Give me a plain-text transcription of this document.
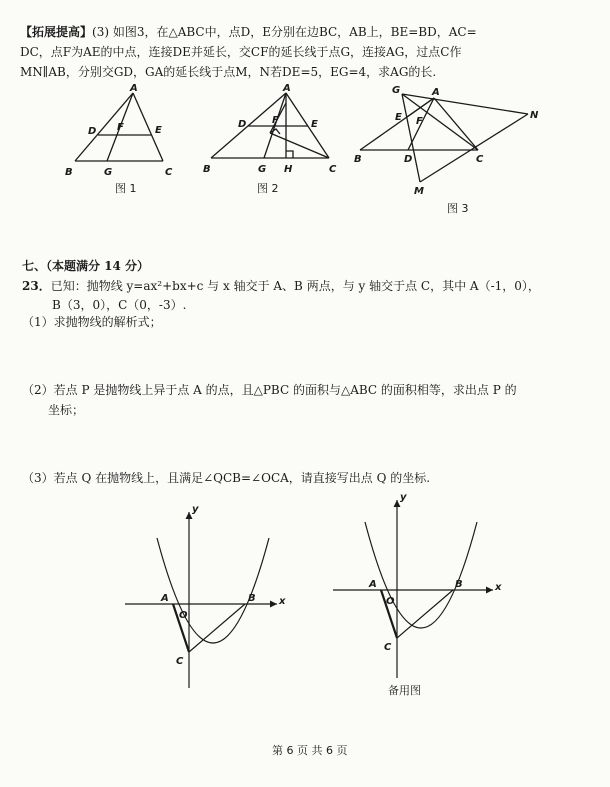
【拓展提高】(3) 如图3，在△ABC中，点D，E分别在边BC，AB上，BE=BD，AC=
DC，点F为AE的中点，连接DE并延长，交CF的延长线于点G，连接AG，过点C作
MN∥AB，分别交GD，GA的延长线于点M，N若DE=5，EG=4，求AG的长.
A
D	E
F
B	G	C
图 1
A
D	E
F
B	G H	C
图 2
G	A
N
E F
B	D	C
M
图 3
七、（本题满分 14 分）
23．已知：抛物线 y=ax²+bx+c 与 x 轴交于 A、B 两点，与 y 轴交于点 C，其中 A（-1，0），
B（3，0），C（0，-3）.
（1）求抛物线的解析式；
（2）若点 P 是抛物线上异于点 A 的点，且△PBC 的面积与△ABC 的面积相等，求出点 P 的
坐标；
（3）若点 Q 在抛物线上，且满足∠QCB=∠OCA，请直接写出点 Q 的坐标.
y
x
A
O
B
C
y
x
A
O
B
C
备用图
第 6 页 共 6 页
